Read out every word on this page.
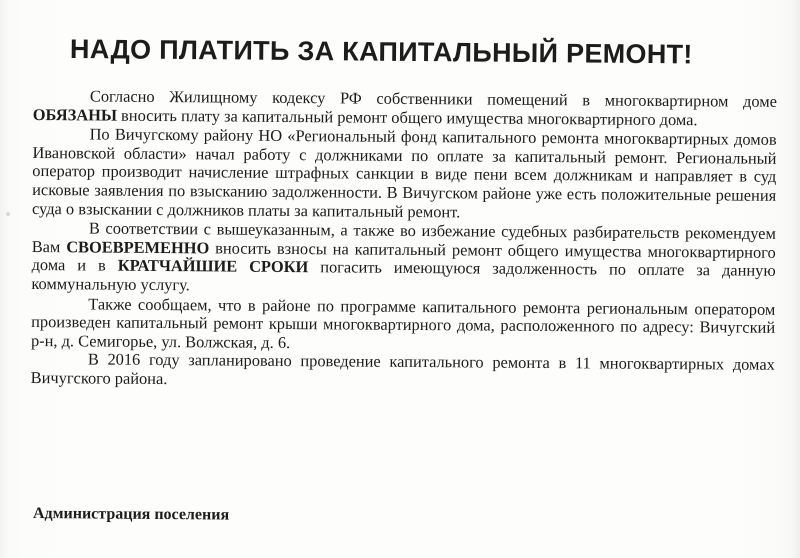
НАДО ПЛАТИТЬ ЗА КАПИТАЛЬНЫЙ РЕМОНТ!

Согласно Жилищному кодексу РФ собственники помещений в многоквартирном доме ОБЯЗАНЫ вносить плату за капитальный ремонт общего имущества многоквартирного дома.

По Вичугскому району НО «Региональный фонд капитального ремонта многоквартирных домов Ивановской области» начал работу с должниками по оплате за капитальный ремонт. Региональный оператор производит начисление штрафных санкции в виде пени всем должникам и направляет в суд исковые заявления по взысканию задолженности. В Вичугском районе уже есть положительные решения суда о взыскании с должников платы за капитальный ремонт.

В соответствии с вышеуказанным, а также во избежание судебных разбирательств рекомендуем Вам СВОЕВРЕМЕННО вносить взносы на капитальный ремонт общего имущества многоквартирного дома и в КРАТЧАЙШИЕ СРОКИ погасить имеющуюся задолженность по оплате за данную коммунальную услугу.

Также сообщаем, что в районе по программе капитального ремонта региональным оператором произведен капитальный ремонт крыши многоквартирного дома, расположенного по адресу: Вичугский р-н, д. Семигорье, ул. Волжская, д. 6.

В 2016 году запланировано проведение капитального ремонта в 11 многоквартирных домах Вичугского района.

Администрация поселения
